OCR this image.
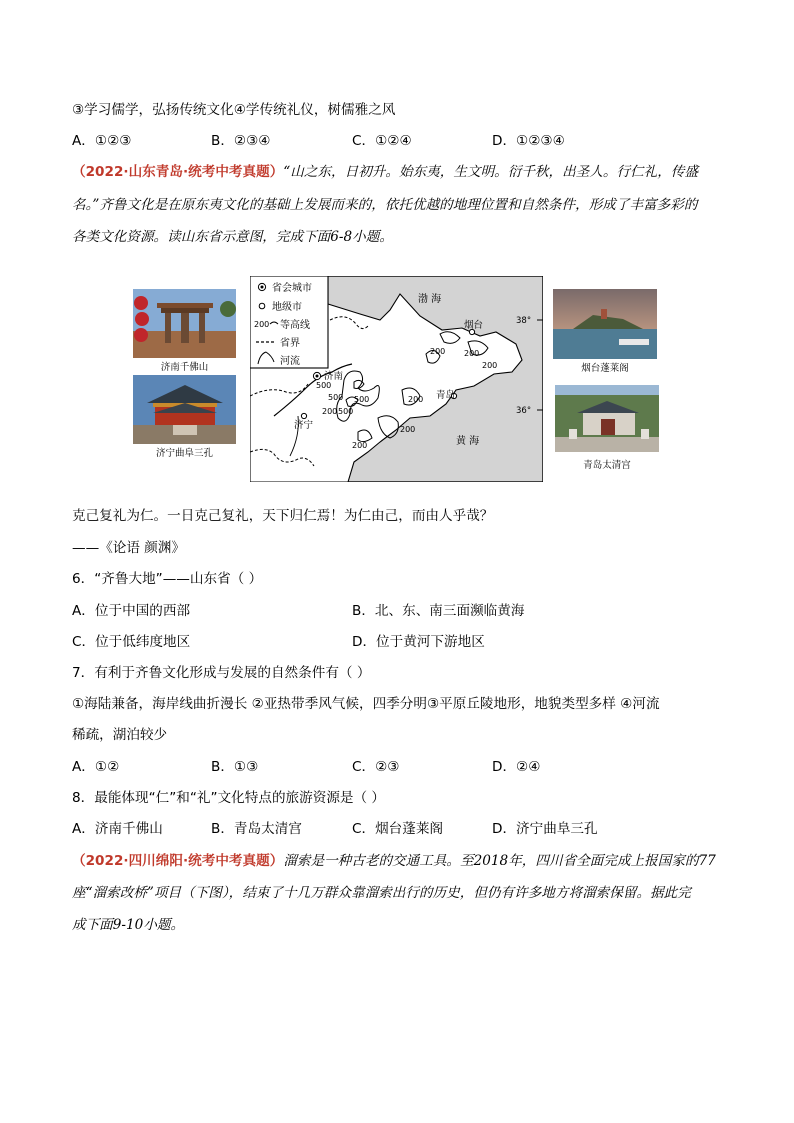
③学习儒学，弘扬传统文化④学传统礼仪，树儒雅之风
A．①②③	B．②③④	C．①②④	D．①②③④
（2022·山东青岛·统考中考真题）“山之东，日初升。始东夷，生文明。衍千秋，出圣人。行仁礼，传盛
名。”齐鲁文化是在原东夷文化的基础上发展而来的，依托优越的地理位置和自然条件，形成了丰富多彩的
各类文化资源。读山东省示意图，完成下面6-8小题。
济南千佛山
济宁曲阜三孔
烟台蓬莱阁
青岛太清宫
省会城市
地级市
200 等高线
省界
河流
200 200
200
500
500
500
200
500
200
200
200
济南
济宁
烟台
青岛
渤 海
黄 海
38°
36°
克己复礼为仁。一日克己复礼，天下归仁焉！为仁由己，而由人乎哉？
——《论语 颜渊》
6．“齐鲁大地”——山东省（ ）
A．位于中国的西部	B．北、东、南三面濒临黄海
C．位于低纬度地区	D．位于黄河下游地区
7．有利于齐鲁文化形成与发展的自然条件有（ ）
①海陆兼备，海岸线曲折漫长 ②亚热带季风气候，四季分明③平原丘陵地形，地貌类型多样 ④河流
稀疏，湖泊较少
A．①②	B．①③	C．②③	D．②④
8．最能体现“仁”和“礼”文化特点的旅游资源是（ ）
A．济南千佛山	B．青岛太清宫	C．烟台蓬莱阁	D．济宁曲阜三孔
（2022·四川绵阳·统考中考真题）溜索是一种古老的交通工具。至2018年，四川省全面完成上报国家的77
座“溜索改桥”项目（下图），结束了十几万群众靠溜索出行的历史，但仍有许多地方将溜索保留。据此完
成下面9-10小题。
